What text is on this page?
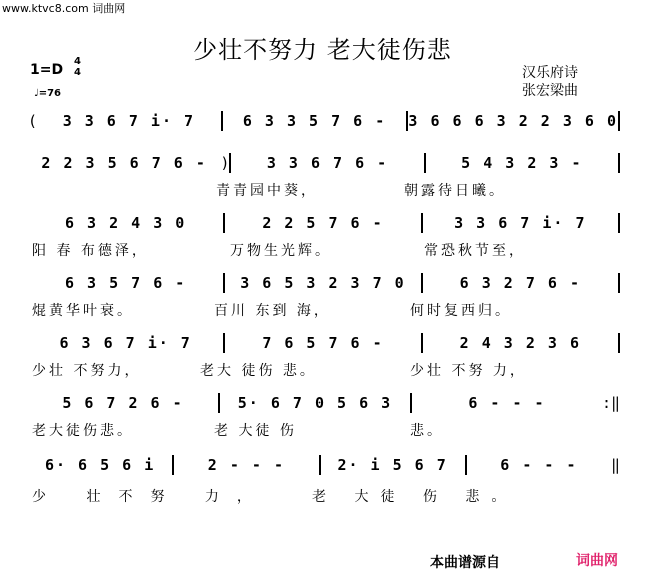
www.ktvc8.com 词曲网
少壮不努力 老大徒伤悲
1=D
4
4
♩=76
汉乐府诗
张宏梁曲
(	3 3 6 7 i· 7	6 3 3 5 7 6 -	3 6 6 6 3 2 2 3 6 0
2 2 3 5 6 7 6 - )	3 3 6 7 6 -	5 4 3 2 3 -
青青园中葵，	朝露待日曦。
6 3 2 4 3 0	2 2 5 7 6 -	3 3 6 7 i· 7
阳 春 布德泽，	万物生光辉。	常恐秋节至，
6 3 5 7 6 -	3 6 5 3 2 3 7 0	6 3 2 7 6 -
焜黄华叶衰。	百川 东到 海，	何时复西归。
6 3 6 7 i· 7	7 6 5 7 6 -	2 4 3 2 3 6
少壮 不努力，	老大 徒伤 悲。	少壮 不努 力，
5 6 7 2 6 -	5· 6 7 0 5 6 3	6 - - -	:‖
老大徒伤悲。	老 大徒 伤	悲。
6· 6 5 6 i	2 - - -	2· i 5 6 7	6 - - -	‖
少 壮不努 力，	老 大徒 伤 悲。
本曲谱源自	词曲网
